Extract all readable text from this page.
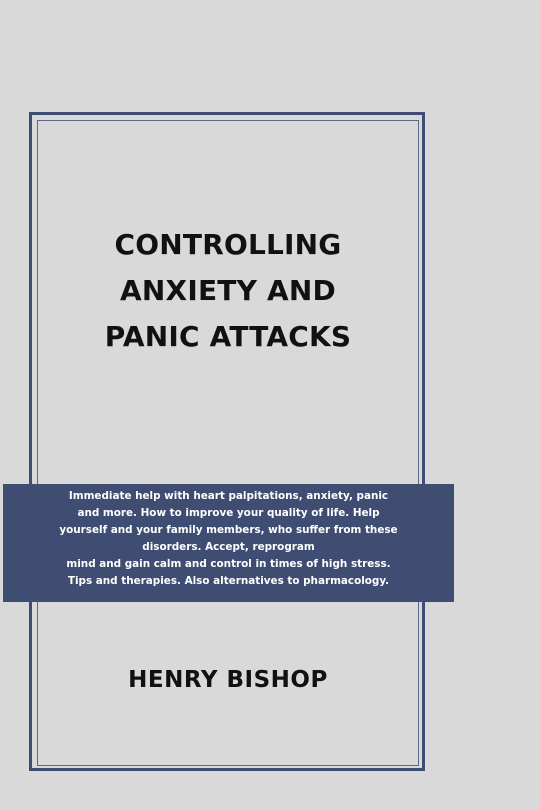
CONTROLLING
ANXIETY AND
PANIC ATTACKS

Immediate help with heart palpitations, anxiety, panic
and more. How to improve your quality of life. Help
yourself and your family members, who suffer from these
disorders. Accept, reprogram
mind and gain calm and control in times of high stress.
Tips and therapies. Also alternatives to pharmacology.

HENRY BISHOP
